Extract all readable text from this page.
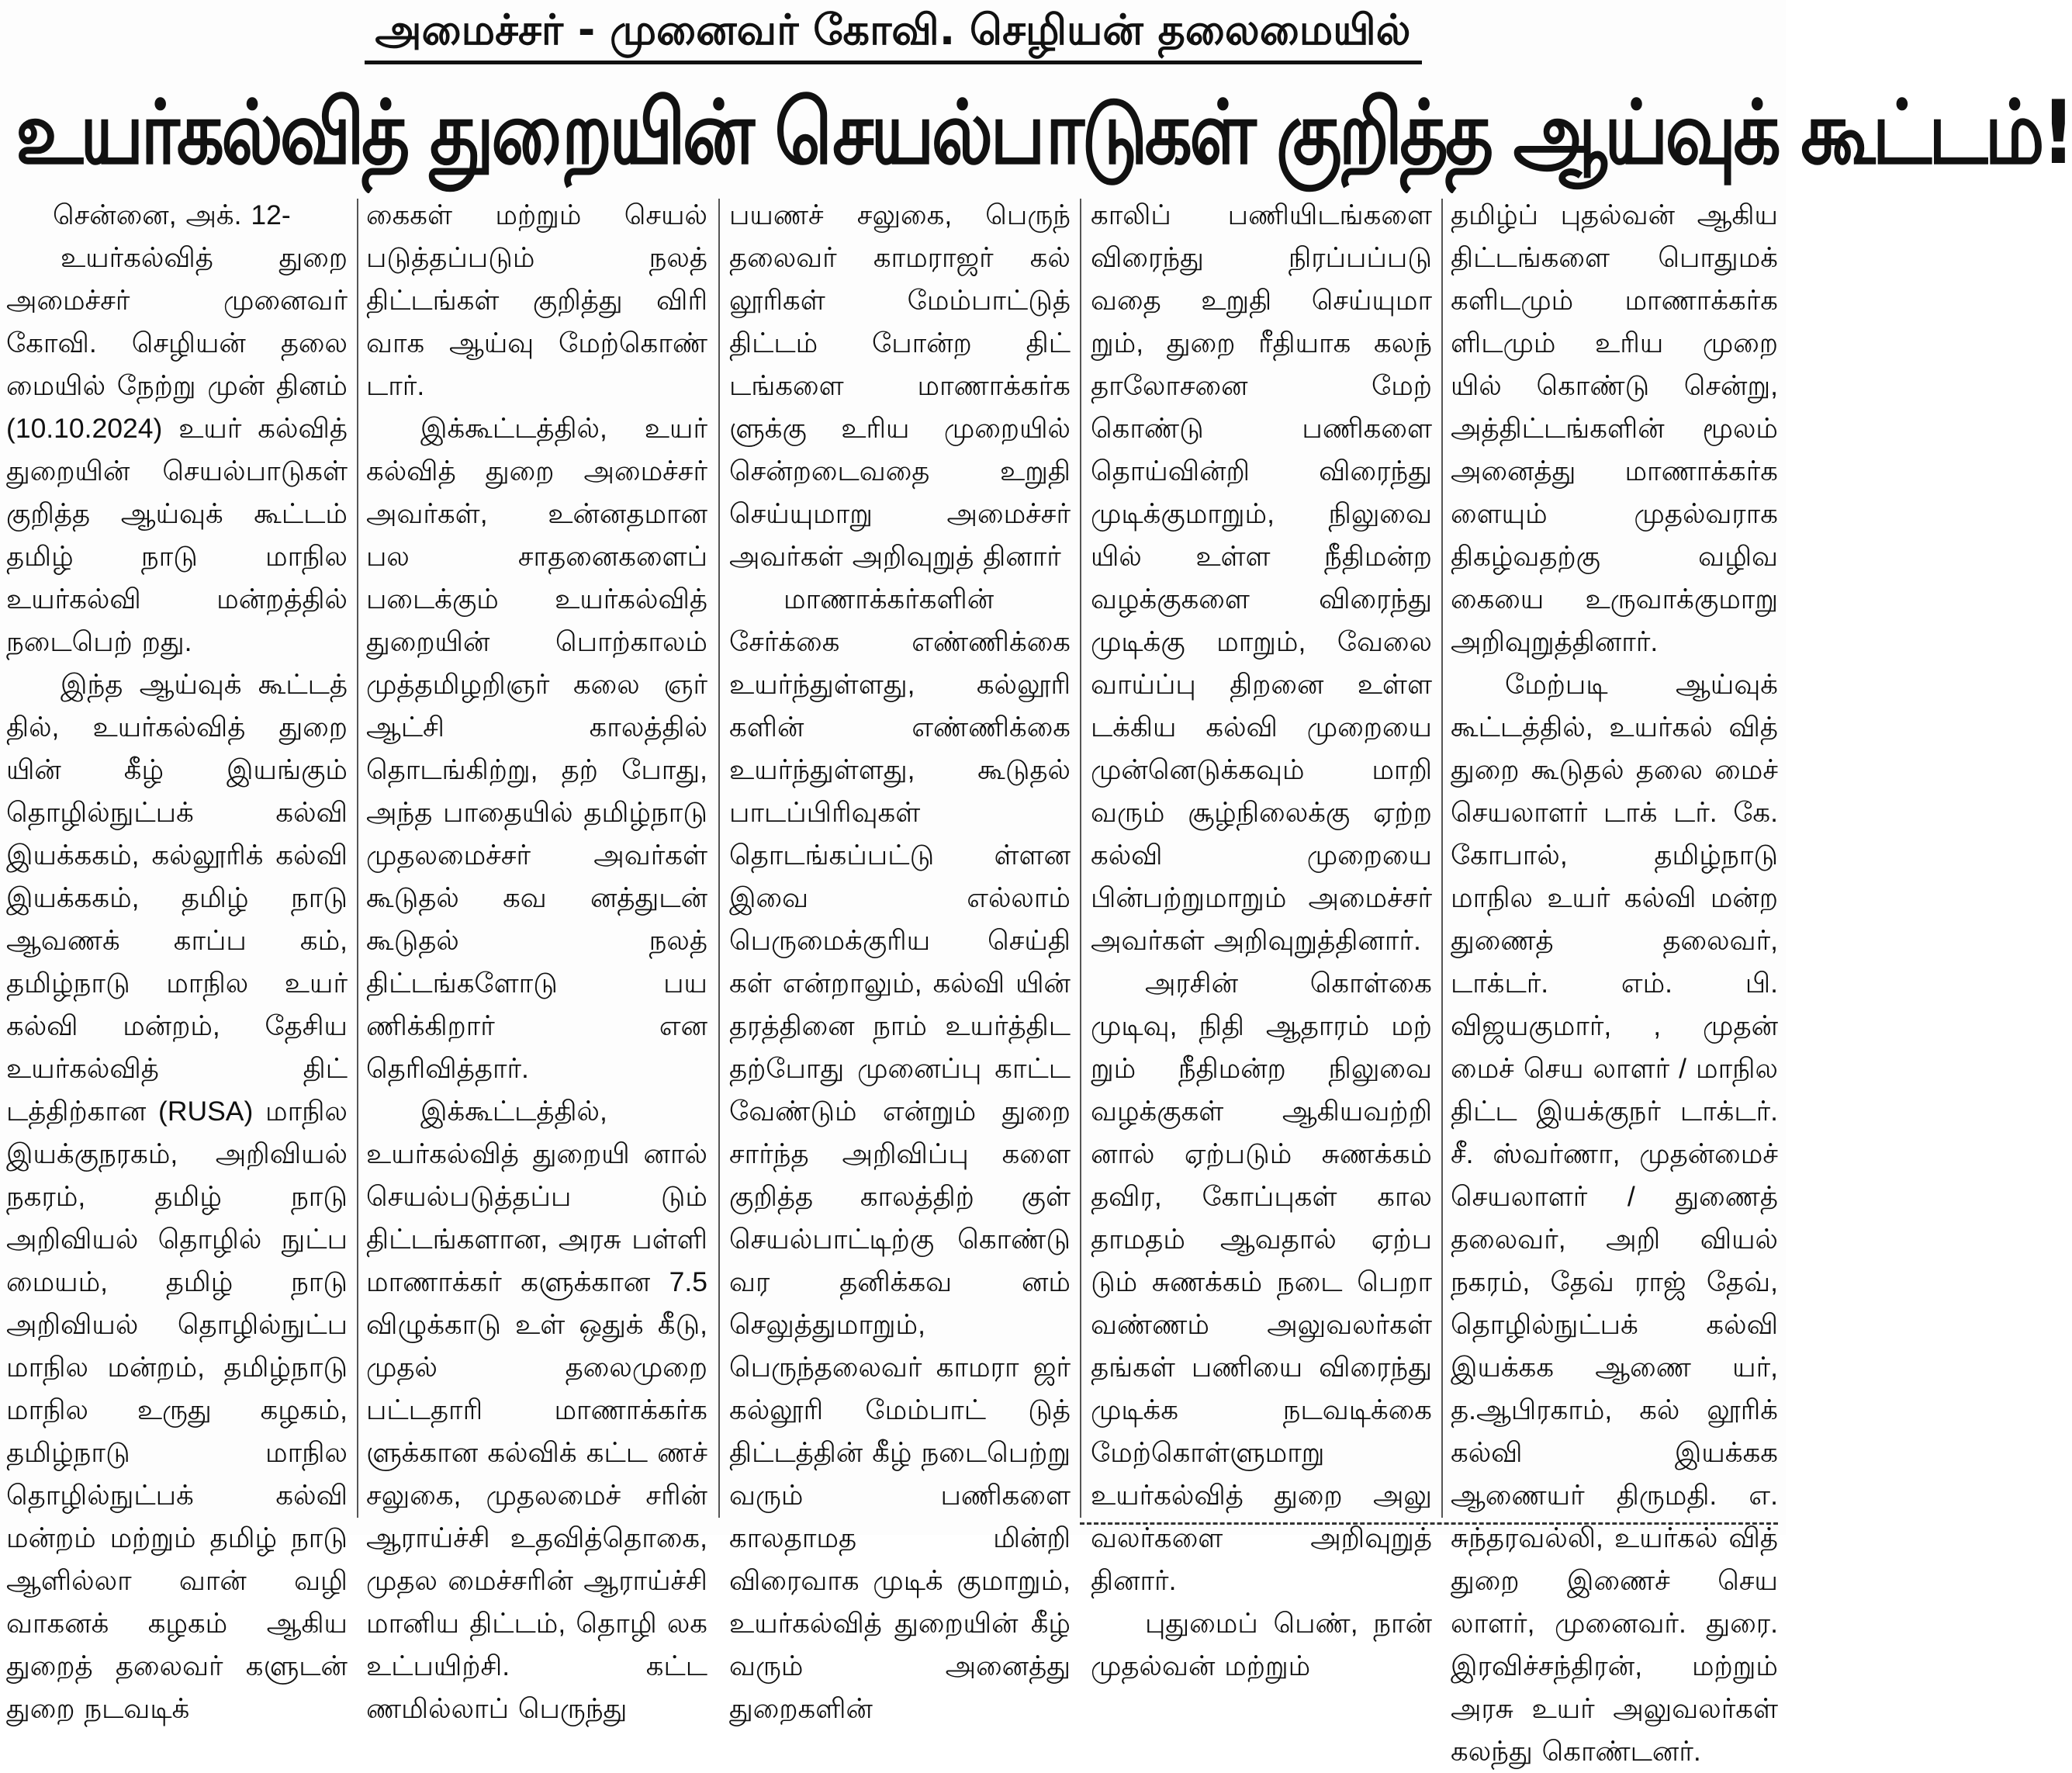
அமைச்சர் - முனைவர் கோவி. செழியன் தலைமையில்
உயர்கல்வித் துறையின் செயல்பாடுகள் குறித்த ஆய்வுக் கூட்டம்!

சென்னை, அக். 12-

உயர்கல்வித் துறை அமைச்சர் முனைவர் கோவி. செழியன் தலை மையில் நேற்று முன் தினம் (10.10.2024) உயர் கல்வித் துறையின் செயல்பாடுகள் குறித்த ஆய்வுக் கூட்டம் தமிழ் நாடு மாநில உயர்கல்வி மன்றத்தில் நடைபெற் றது.

இந்த ஆய்வுக் கூட்டத் தில், உயர்கல்வித் துறை யின் கீழ் இயங்கும் தொழில்நுட்பக் கல்வி இயக்ககம், கல்லூரிக் கல்வி இயக்ககம், தமிழ் நாடு ஆவணக் காப்ப கம், தமிழ்நாடு மாநில உயர் கல்வி மன்றம், தேசிய உயர்கல்வித் திட் டத்திற்கான (RUSA) மாநில இயக்குநரகம், அறிவியல் நகரம், தமிழ் நாடு அறிவியல் தொழில் நுட்ப மையம், தமிழ் நாடு அறிவியல் தொழில்நுட்ப மாநில மன்றம், தமிழ்நாடு மாநில உருது கழகம், தமிழ்நாடு மாநில தொழில்நுட்பக் கல்வி மன்றம் மற்றும் தமிழ் நாடு ஆளில்லா வான் வழி வாகனக் கழகம் ஆகிய துறைத் தலைவர் களுடன் துறை நடவடிக்

கைகள் மற்றும் செயல் படுத்தப்படும் நலத் திட்டங்கள் குறித்து விரி வாக ஆய்வு மேற்கொண் டார்.

இக்கூட்டத்தில், உயர் கல்வித் துறை அமைச்சர் அவர்கள், உன்னதமான பல சாதனைகளைப் படைக்கும் உயர்கல்வித் துறையின் பொற்காலம் முத்தமிழறிஞர் கலை ஞர் ஆட்சி காலத்தில் தொடங்கிற்று, தற் போது, அந்த பாதையில் தமிழ்நாடு முதலமைச்சர் அவர்கள் கூடுதல் கவ னத்துடன் கூடுதல் நலத் திட்டங்களோடு பய ணிக்கிறார் என தெரிவித்தார்.

இக்கூட்டத்தில், உயர்கல்வித் துறையி னால் செயல்படுத்தப்ப டும் திட்டங்களான, அரசு பள்ளி மாணாக்கர் களுக்கான 7.5 விழுக்காடு உள் ஒதுக் கீடு, முதல் தலைமுறை பட்டதாரி மாணாக்கர்க ளுக்கான கல்விக் கட்ட ணச் சலுகை, முதலமைச் சரின் ஆராய்ச்சி உதவித்தொகை, முதல மைச்சரின் ஆராய்ச்சி மானிய திட்டம், தொழி லக உட்பயிற்சி. கட்ட ணமில்லாப் பெருந்து

பயணச் சலுகை, பெருந் தலைவர் காமராஜர் கல் லூரிகள் மேம்பாட்டுத் திட்டம் போன்ற திட் டங்களை மாணாக்கர்க ளுக்கு உரிய முறையில் சென்றடைவதை உறுதி செய்யுமாறு அமைச்சர் அவர்கள் அறிவுறுத் தினார்

மாணாக்கர்களின் சேர்க்கை எண்ணிக்கை உயர்ந்துள்ளது, கல்லூரி களின் எண்ணிக்கை உயர்ந்துள்ளது, கூடுதல் பாடப்பிரிவுகள் தொடங்கப்பட்டு ள்ளன இவை எல்லாம் பெருமைக்குரிய செய்தி கள் என்றாலும், கல்வி யின் தரத்தினை நாம் உயர்த்திட தற்போது முனைப்பு காட்ட வேண்டும் என்றும் துறை சார்ந்த அறிவிப்பு களை குறித்த காலத்திற் குள் செயல்பாட்டிற்கு கொண்டு வர தனிக்கவ னம் செலுத்துமாறும், பெருந்தலைவர் காமரா ஜர் கல்லூரி மேம்பாட் டுத் திட்டத்தின் கீழ் நடைபெற்று வரும் பணிகளை காலதாமத மின்றி விரைவாக முடிக் குமாறும், உயர்கல்வித் துறையின் கீழ் வரும் அனைத்து துறைகளின்

காலிப் பணியிடங்களை விரைந்து நிரப்பப்படு வதை உறுதி செய்யுமா றும், துறை ரீதியாக கலந் தாலோசனை மேற் கொண்டு பணிகளை தொய்வின்றி விரைந்து முடிக்குமாறும், நிலுவை யில் உள்ள நீதிமன்ற வழக்குகளை விரைந்து முடிக்கு மாறும், வேலை வாய்ப்பு திறனை உள்ள டக்கிய கல்வி முறையை முன்னெடுக்கவும் மாறி வரும் சூழ்நிலைக்கு ஏற்ற கல்வி முறையை பின்பற்றுமாறும் அமைச்சர் அவர்கள் அறிவுறுத்தினார்.

அரசின் கொள்கை முடிவு, நிதி ஆதாரம் மற் றும் நீதிமன்ற நிலுவை வழக்குகள் ஆகியவற்றி னால் ஏற்படும் சுணக்கம் தவிர, கோப்புகள் கால தாமதம் ஆவதால் ஏற்ப டும் சுணக்கம் நடை பெறா வண்ணம் அலுவலர்கள் தங்கள் பணியை விரைந்து முடிக்க நடவடிக்கை மேற்கொள்ளுமாறு உயர்கல்வித் துறை அலு வலர்களை அறிவுறுத் தினார்.

புதுமைப் பெண், நான் முதல்வன் மற்றும்

தமிழ்ப் புதல்வன் ஆகிய திட்டங்களை பொதுமக் களிடமும் மாணாக்கர்க ளிடமும் உரிய முறை யில் கொண்டு சென்று, அத்திட்டங்களின் மூலம் அனைத்து மாணாக்கர்க ளையும் முதல்வராக திகழ்வதற்கு வழிவ கையை உருவாக்குமாறு அறிவுறுத்தினார்.

மேற்படி ஆய்வுக் கூட்டத்தில், உயர்கல் வித் துறை கூடுதல் தலை மைச் செயலாளர் டாக் டர். கே. கோபால், தமிழ்நாடு மாநில உயர் கல்வி மன்ற துணைத் தலைவர், டாக்டர். எம். பி. விஜயகுமார், , முதன் மைச் செய லாளர் / மாநில திட்ட இயக்குநர் டாக்டர். சீ. ஸ்வர்ணா, முதன்மைச் செயலாளர் / துணைத் தலைவர், அறி வியல் நகரம், தேவ் ராஜ் தேவ், தொழில்நுட்பக் கல்வி இயக்கக ஆணை யர், த.ஆபிரகாம், கல் லூரிக் கல்வி இயக்கக ஆணையர் திருமதி. எ. சுந்தரவல்லி, உயர்கல் வித் துறை இணைச் செய லாளர், முனைவர். துரை. இரவிச்சந்திரன், மற்றும் அரசு உயர் அலுவலர்கள் கலந்து கொண்டனர்.
